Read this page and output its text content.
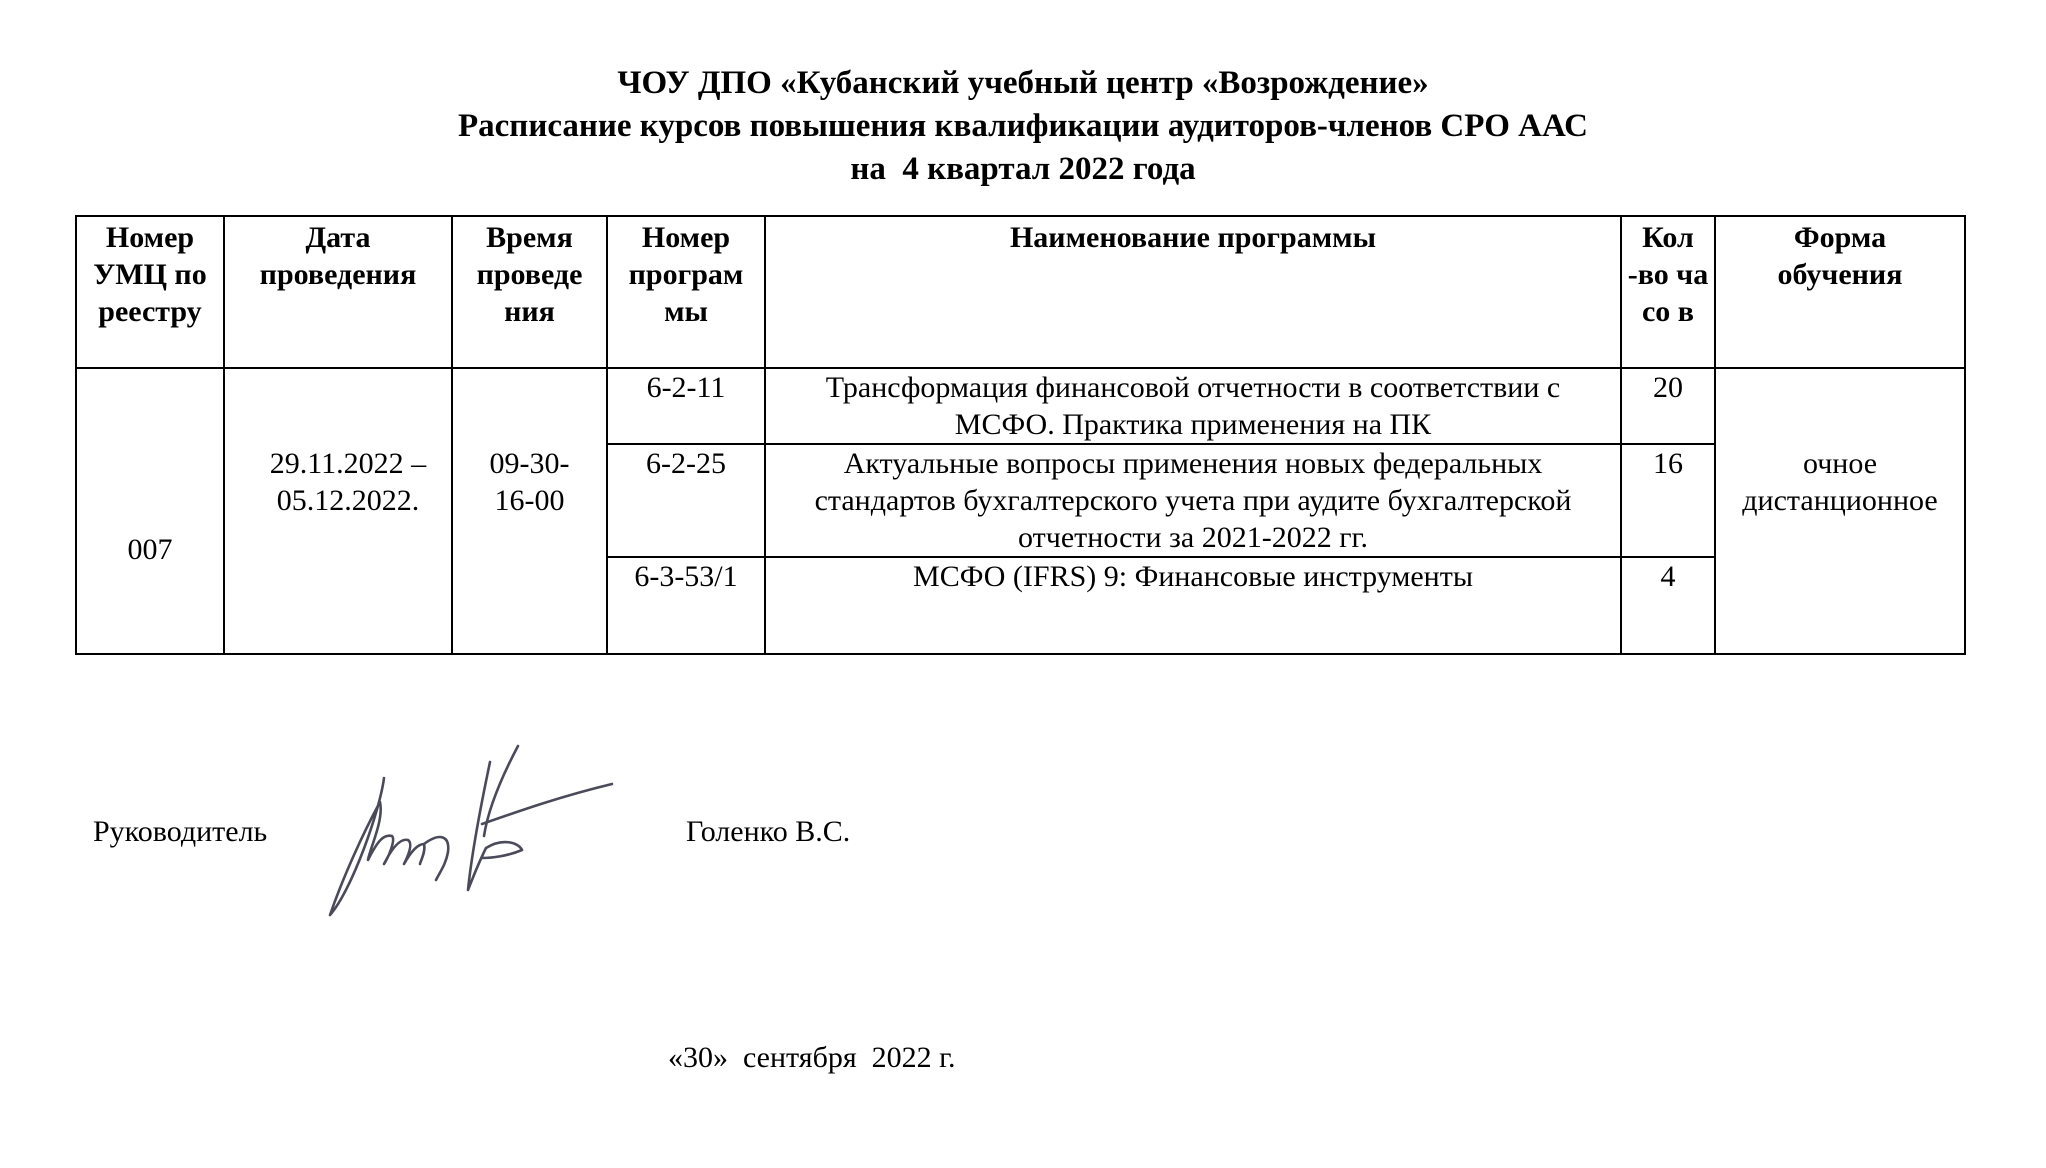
ЧОУ ДПО «Кубанский учебный центр «Возрождение»
Расписание курсов повышения квалификации аудиторов-членов СРО ААС
на  4 квартал 2022 года
Номер УМЦ по реестру	Дата проведения	Время проведе ния	Номер програм мы	Наименование программы	Кол -во часо в	Форма обучения
007	29.11.2022 – 05.12.2022.	09-30- 16-00	6-2-11	Трансформация финансовой отчетности в соответствии с МСФО. Практика применения на ПК	20	очное дистанционное
			6-2-25	Актуальные вопросы применения новых федеральных стандартов бухгалтерского учета при аудите бухгалтерской отчетности за 2021-2022 гг.	16	
			6-3-53/1	МСФО (IFRS) 9: Финансовые инструменты	4	
Руководитель	Голенко В.С.
«30»  сентября  2022 г.
